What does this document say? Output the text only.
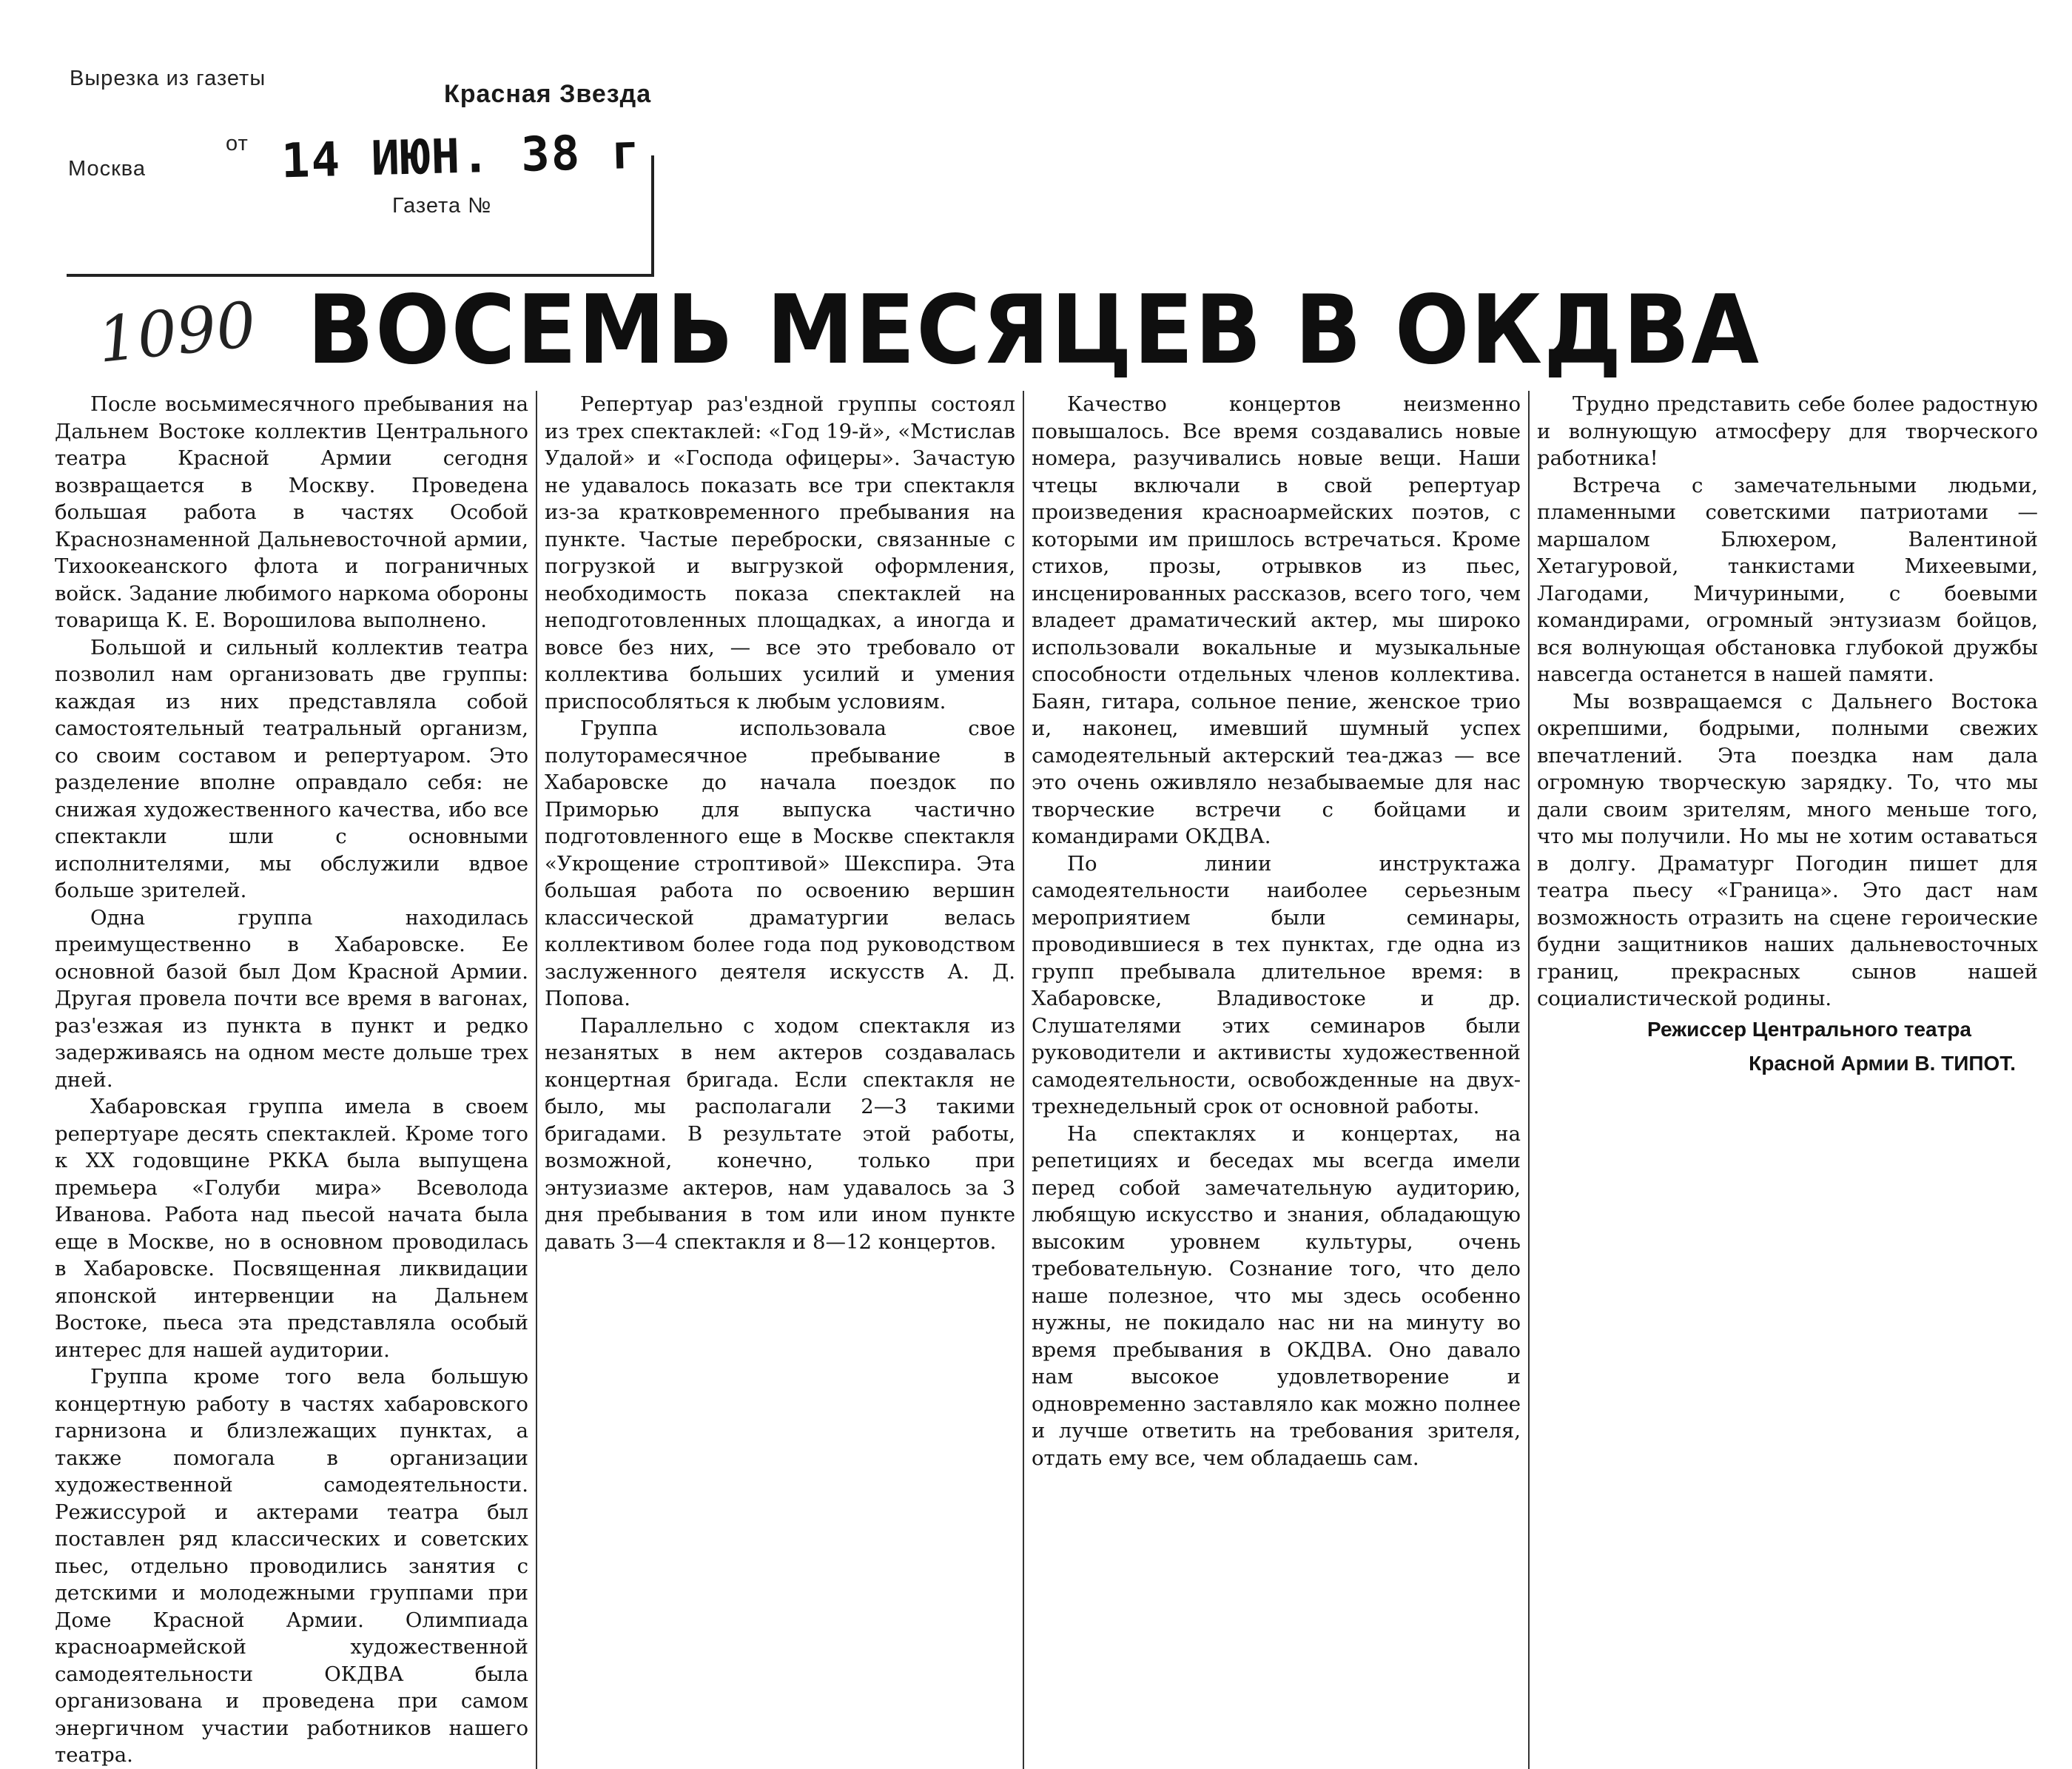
Вырезка из газеты
Красная Звезда
Москва
от 14 ИЮН. 38 г
Газета №
1090 ВОСЕМЬ МЕСЯЦЕВ В ОКДВА

После восьмимесячного пребывания на Дальнем Востоке коллектив Центрального театра Красной Армии сегодня возвращается в Москву. Проведена большая работа в частях Особой Краснознаменной Дальневосточной армии, Тихоокеанского флота и пограничных войск. Задание любимого наркома обороны товарища К. Е. Ворошилова выполнено.

Большой и сильный коллектив театра позволил нам организовать две группы: каждая из них представляла собой самостоятельный театральный организм, со своим составом и репертуаром. Это разделение вполне оправдало себя: не снижая художественного качества, ибо все спектакли шли с основными исполнителями, мы обслужили вдвое больше зрителей.

Одна группа находилась преимущественно в Хабаровске. Ее основной базой был Дом Красной Армии. Другая провела почти все время в вагонах, раз'езжая из пункта в пункт и редко задерживаясь на одном месте дольше трех дней.

Хабаровская группа имела в своем репертуаре десять спектаклей. Кроме того к XX годовщине РККА была выпущена премьера «Голуби мира» Всеволода Иванова. Работа над пьесой начата была еще в Москве, но в основном проводилась в Хабаровске. Посвященная ликвидации японской интервенции на Дальнем Востоке, пьеса эта представляла особый интерес для нашей аудитории.

Группа кроме того вела большую концертную работу в частях хабаровского гарнизона и близлежащих пунктах, а также помогала в организации художественной самодеятельности. Режиссурой и актерами театра был поставлен ряд классических и советских пьес, отдельно проводились занятия с детскими и молодежными группами при Доме Красной Армии. Олимпиада красноармейской художественной самодеятельности ОКДВА была организована и проведена при самом энергичном участии работников нашего театра.

Репертуар раз'ездной группы состоял из трех спектаклей: «Год 19-й», «Мстислав Удалой» и «Господа офицеры». Зачастую не удавалось показать все три спектакля из-за кратковременного пребывания на пункте. Частые переброски, связанные с погрузкой и выгрузкой оформления, необходимость показа спектаклей на неподготовленных площадках, а иногда и вовсе без них, — все это требовало от коллектива больших усилий и умения приспособляться к любым условиям.

Группа использовала свое полуторамесячное пребывание в Хабаровске до начала поездок по Приморью для выпуска частично подготовленного еще в Москве спектакля «Укрощение строптивой» Шекспира. Эта большая работа по освоению вершин классической драматургии велась коллективом более года под руководством заслуженного деятеля искусств А. Д. Попова.

Параллельно с ходом спектакля из незанятых в нем актеров создавалась концертная бригада. Если спектакля не было, мы располагали 2—3 такими бригадами. В результате этой работы, возможной, конечно, только при энтузиазме актеров, нам удавалось за 3 дня пребывания в том или ином пункте давать 3—4 спектакля и 8—12 концертов.

Качество концертов неизменно повышалось. Все время создавались новые номера, разучивались новые вещи. Наши чтецы включали в свой репертуар произведения красноармейских поэтов, с которыми им пришлось встречаться. Кроме стихов, прозы, отрывков из пьес, инсценированных рассказов, всего того, чем владеет драматический актер, мы широко использовали вокальные и музыкальные способности отдельных членов коллектива. Баян, гитара, сольное пение, женское трио и, наконец, имевший шумный успех самодеятельный актерский теа-джаз — все это очень оживляло незабываемые для нас творческие встречи с бойцами и командирами ОКДВА.

По линии инструктажа самодеятельности наиболее серьезным мероприятием были семинары, проводившиеся в тех пунктах, где одна из групп пребывала длительное время: в Хабаровске, Владивостоке и др. Слушателями этих семинаров были руководители и активисты художественной самодеятельности, освобожденные на двух-трехнедельный срок от основной работы.

На спектаклях и концертах, на репетициях и беседах мы всегда имели перед собой замечательную аудиторию, любящую искусство и знания, обладающую высоким уровнем культуры, очень требовательную. Сознание того, что дело наше полезное, что мы здесь особенно нужны, не покидало нас ни на минуту во время пребывания в ОКДВА. Оно давало нам высокое удовлетворение и одновременно заставляло как можно полнее и лучше ответить на требования зрителя, отдать ему все, чем обладаешь сам.

Трудно представить себе более радостную и волнующую атмосферу для творческого работника!

Встреча с замечательными людьми, пламенными советскими патриотами — маршалом Блюхером, Валентиной Хетагуровой, танкистами Михеевыми, Лагодами, Мичуриными, с боевыми командирами, огромный энтузиазм бойцов, вся волнующая обстановка глубокой дружбы навсегда останется в нашей памяти.

Мы возвращаемся с Дальнего Востока окрепшими, бодрыми, полными свежих впечатлений. Эта поездка нам дала огромную творческую зарядку. То, что мы дали своим зрителям, много меньше того, что мы получили. Но мы не хотим оставаться в долгу. Драматург Погодин пишет для театра пьесу «Граница». Это даст нам возможность отразить на сцене героические будни защитников наших дальневосточных границ, прекрасных сынов нашей социалистической родины.

Режиссер Центрального театра
Красной Армии В. ТИПОТ.
